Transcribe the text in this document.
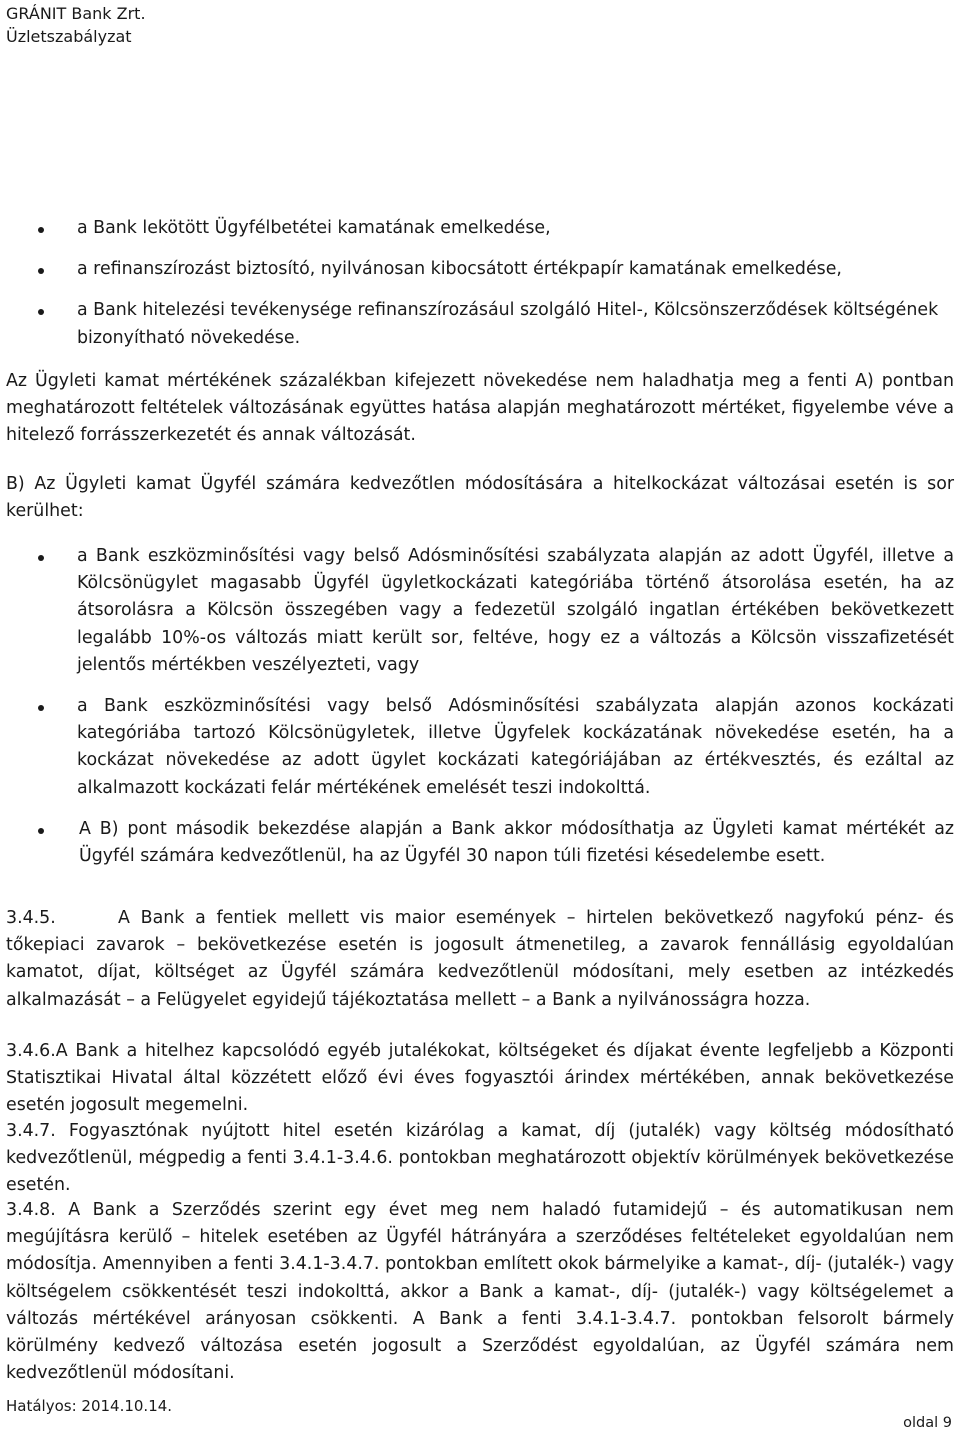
GRÁNIT Bank Zrt.
Üzletszabályzat
a Bank lekötött Ügyfélbetétei kamatának emelkedése,
a refinanszírozást biztosító, nyilvánosan kibocsátott értékpapír kamatának emelkedése,
a Bank hitelezési tevékenysége refinanszírozásául szolgáló Hitel-, Kölcsönszerződések költségének bizonyítható növekedése.

Az Ügyleti kamat mértékének százalékban kifejezett növekedése nem haladhatja meg a fenti A) pontban meghatározott feltételek változásának együttes hatása alapján meghatározott mértéket, figyelembe véve a hitelező forrásszerkezetét és annak változását.

B) Az Ügyleti kamat Ügyfél számára kedvezőtlen módosítására a hitelkockázat változásai esetén is sor kerülhet:

a Bank eszközminősítési vagy belső Adósminősítési szabályzata alapján az adott Ügyfél, illetve a Kölcsönügylet magasabb Ügyfél ügyletkockázati kategóriába történő átsorolása esetén, ha az átsorolásra a Kölcsön összegében vagy a fedezetül szolgáló ingatlan értékében bekövetkezett legalább 10%-os változás miatt került sor, feltéve, hogy ez a változás a Kölcsön visszafizetését jelentős mértékben veszélyezteti, vagy
a Bank eszközminősítési vagy belső Adósminősítési szabályzata alapján azonos kockázati kategóriába tartozó Kölcsönügyletek, illetve Ügyfelek kockázatának növekedése esetén, ha a kockázat növekedése az adott ügylet kockázati kategóriájában az értékvesztés, és ezáltal az alkalmazott kockázati felár mértékének emelését teszi indokolttá.
A B) pont második bekezdése alapján a Bank akkor módosíthatja az Ügyleti kamat mértékét az Ügyfél számára kedvezőtlenül, ha az Ügyfél 30 napon túli fizetési késedelembe esett.

3.4.5.	A Bank a fentiek mellett vis maior események – hirtelen bekövetkező nagyfokú pénz- és tőkepiaci zavarok – bekövetkezése esetén is jogosult átmenetileg, a zavarok fennállásig egyoldalúan kamatot, díjat, költséget az Ügyfél számára kedvezőtlenül módosítani, mely esetben az intézkedés alkalmazását – a Felügyelet egyidejű tájékoztatása mellett – a Bank a nyilvánosságra hozza.

3.4.6.A Bank a hitelhez kapcsolódó egyéb jutalékokat, költségeket és díjakat évente legfeljebb a Központi Statisztikai Hivatal által közzétett előző évi éves fogyasztói árindex mértékében, annak bekövetkezése esetén jogosult megemelni.

3.4.7. Fogyasztónak nyújtott hitel esetén kizárólag a kamat, díj (jutalék) vagy költség módosítható kedvezőtlenül, mégpedig a fenti 3.4.1-3.4.6. pontokban meghatározott objektív körülmények bekövetkezése esetén.

3.4.8. A Bank a Szerződés szerint egy évet meg nem haladó futamidejű – és automatikusan nem megújításra kerülő – hitelek esetében az Ügyfél hátrányára a szerződéses feltételeket egyoldalúan nem módosítja. Amennyiben a fenti 3.4.1-3.4.7. pontokban említett okok bármelyike a kamat-, díj- (jutalék-) vagy költségelem csökkentését teszi indokolttá, akkor a Bank a kamat-, díj- (jutalék-) vagy költségelemet a változás mértékével arányosan csökkenti. A Bank a fenti 3.4.1-3.4.7. pontokban felsorolt bármely körülmény kedvező változása esetén jogosult a Szerződést egyoldalúan, az Ügyfél számára nem kedvezőtlenül módosítani.

Hatályos: 2014.10.14.
oldal 9
